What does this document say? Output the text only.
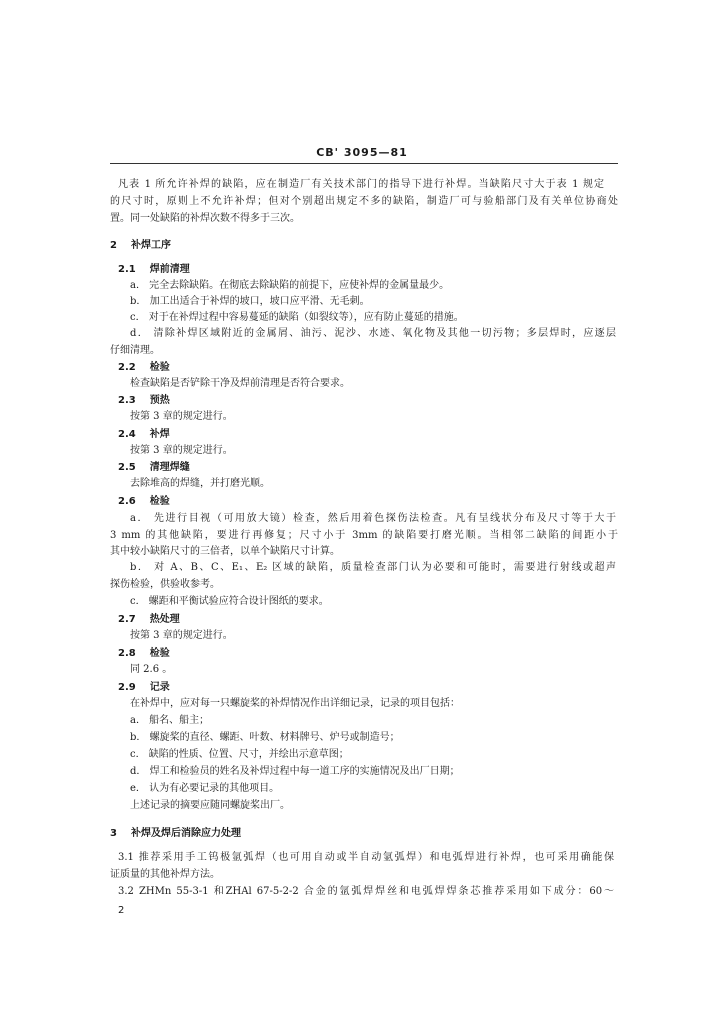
CB' 3095—81
凡表 1 所允许补焊的缺陷，应在制造厂有关技术部门的指导下进行补焊。当缺陷尺寸大于表 1 规定
的尺寸时，原则上不允许补焊；但对个别超出规定不多的缺陷，制造厂可与验船部门及有关单位协商处
置。同一处缺陷的补焊次数不得多于三次。
2 补焊工序
2.1 焊前清理
a． 完全去除缺陷。在彻底去除缺陷的前提下，应使补焊的金属量最少。
b． 加工出适合于补焊的坡口，坡口应平滑、无毛刺。
c． 对于在补焊过程中容易蔓延的缺陷（如裂纹等），应有防止蔓延的措施。
d． 清除补焊区域附近的金属屑、油污、泥沙、水迹、氧化物及其他一切污物；多层焊时，应逐层
仔细清理。
2.2 检验
检查缺陷是否铲除干净及焊前清理是否符合要求。
2.3 预热
按第 3 章的规定进行。
2.4 补焊
按第 3 章的规定进行。
2.5 清理焊缝
去除堆高的焊缝，并打磨光顺。
2.6 检验
a． 先进行目视（可用放大镜）检查，然后用着色探伤法检查。凡有呈线状分布及尺寸等于大于
3 mm 的其他缺陷，要进行再修复；尺寸小于 3mm 的缺陷要打磨光顺。当相邻二缺陷的间距小于
其中较小缺陷尺寸的三倍者，以单个缺陷尺寸计算。
b． 对 A、B、C、E₁、E₂ 区域的缺陷，质量检查部门认为必要和可能时，需要进行射线或超声
探伤检验，供验收参考。
c． 螺距和平衡试验应符合设计图纸的要求。
2.7 热处理
按第 3 章的规定进行。
2.8 检验
同 2.6 。
2.9 记录
在补焊中，应对每一只螺旋桨的补焊情况作出详细记录，记录的项目包括：
a． 船名、船主；
b． 螺旋桨的直径、螺距、叶数、材料牌号、炉号或制造号；
c． 缺陷的性质、位置、尺寸，并绘出示意草图；
d． 焊工和检验员的姓名及补焊过程中每一道工序的实施情况及出厂日期；
e． 认为有必要记录的其他项目。
上述记录的摘要应随同螺旋桨出厂。
3 补焊及焊后消除应力处理
3.1 推荐采用手工钨极氩弧焊（也可用自动或半自动氩弧焊）和电弧焊进行补焊，也可采用确能保
证质量的其他补焊方法。
3.2 ZHMn 55-3-1 和ZHAl 67-5-2-2 合金的氩弧焊焊丝和电弧焊焊条芯推荐采用如下成分：60～
2
